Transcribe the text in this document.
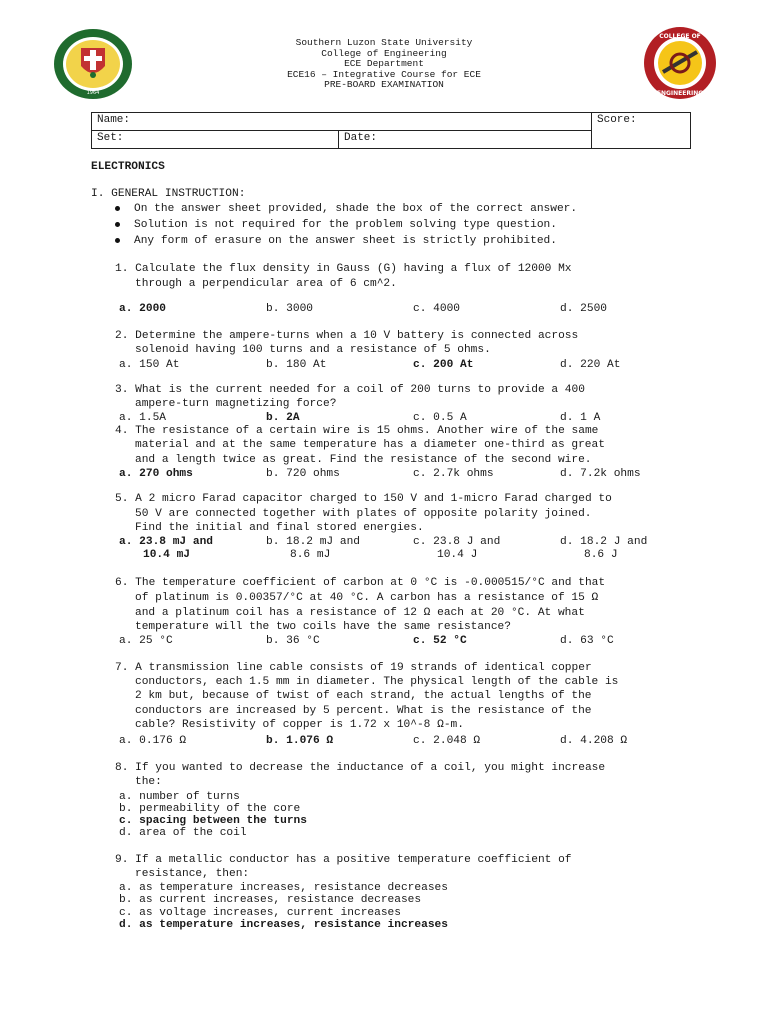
1964
COLLEGE OF
ENGINEERING
Southern Luzon State University
College of Engineering
ECE Department
ECE16 – Integrative Course for ECE
PRE-BOARD EXAMINATION
Name:		Score:
Set:	Date:	
ELECTRONICS
I. GENERAL INSTRUCTION:
On the answer sheet provided, shade the box of the correct answer.
Solution is not required for the problem solving type question.
Any form of erasure on the answer sheet is strictly prohibited.
1. Calculate the flux density in Gauss (G) having a flux of 12000 Mx
through a perpendicular area of 6 cm^2.
a. 2000	b. 3000	c. 4000	d. 2500
2. Determine the ampere-turns when a 10 V battery is connected across
solenoid having 100 turns and a resistance of 5 ohms.
a. 150 At	b. 180 At	c. 200 At	d. 220 At
3. What is the current needed for a coil of 200 turns to provide a 400
ampere-turn magnetizing force?
a. 1.5A	b. 2A	c. 0.5 A	d. 1 A
4. The resistance of a certain wire is 15 ohms. Another wire of the same
material and at the same temperature has a diameter one-third as great
and a length twice as great. Find the resistance of the second wire.
a. 270 ohms	b. 720 ohms	c. 2.7k ohms	d. 7.2k ohms
5. A 2 micro Farad capacitor charged to 150 V and 1-micro Farad charged to
50 V are connected together with plates of opposite polarity joined.
Find the initial and final stored energies.
a. 23.8 mJ and
10.4 mJ
b. 18.2 mJ and
8.6 mJ
c. 23.8 J and
10.4 J
d. 18.2 J and
8.6 J
6. The temperature coefficient of carbon at 0 °C is -0.000515/°C and that
of platinum is 0.00357/°C at 40 °C. A carbon has a resistance of 15 Ω
and a platinum coil has a resistance of 12 Ω each at 20 °C. At what
temperature will the two coils have the same resistance?
a. 25 °C	b. 36 °C	c. 52 °C	d. 63 °C
7. A transmission line cable consists of 19 strands of identical copper
conductors, each 1.5 mm in diameter. The physical length of the cable is
2 km but, because of twist of each strand, the actual lengths of the
conductors are increased by 5 percent. What is the resistance of the
cable? Resistivity of copper is 1.72 x 10^-8 Ω-m.
a. 0.176 Ω	b. 1.076 Ω	c. 2.048 Ω	d. 4.208 Ω
8. If you wanted to decrease the inductance of a coil, you might increase
the:
a. number of turns
b. permeability of the core
c. spacing between the turns
d. area of the coil
9. If a metallic conductor has a positive temperature coefficient of
resistance, then:
a. as temperature increases, resistance decreases
b. as current increases, resistance decreases
c. as voltage increases, current increases
d. as temperature increases, resistance increases
